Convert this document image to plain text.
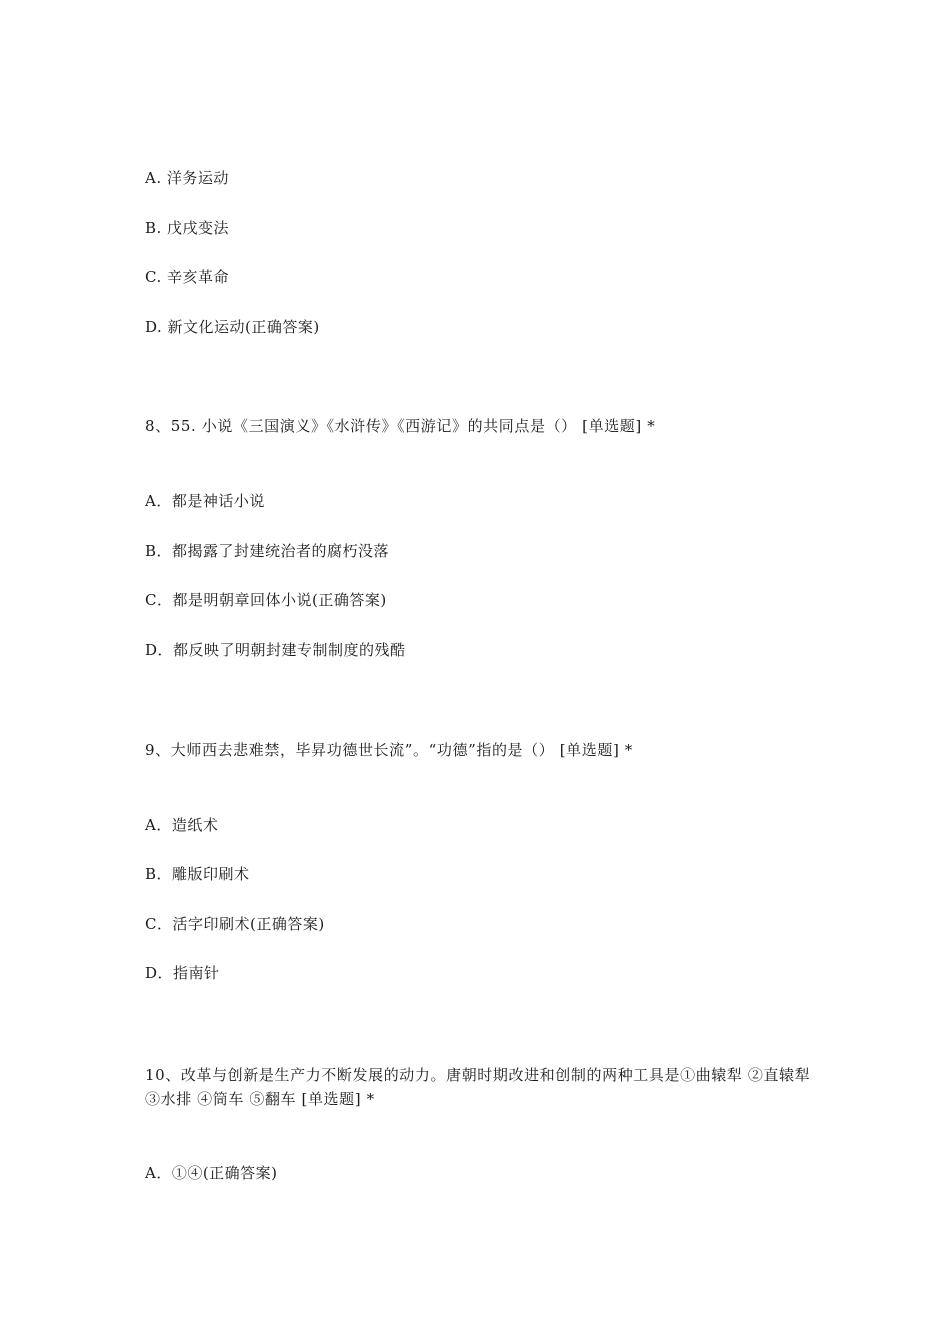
A. 洋务运动
B. 戊戌变法
C. 辛亥革命
D. 新文化运动(正确答案)
8、55. 小说《三国演义》《水浒传》《西游记》的共同点是（） [单选题] *
A．都是神话小说
B．都揭露了封建统治者的腐朽没落
C．都是明朝章回体小说(正确答案)
D．都反映了明朝封建专制制度的残酷
9、大师西去悲难禁，毕昇功德世长流”。“功德”指的是（） [单选题] *
A．造纸术
B．雕版印刷术
C．活字印刷术(正确答案)
D．指南针
10、改革与创新是生产力不断发展的动力。唐朝时期改进和创制的两种工具是①曲辕犁 ②直辕犁 ③水排 ④筒车 ⑤翻车 [单选题] *
A．①④(正确答案)
